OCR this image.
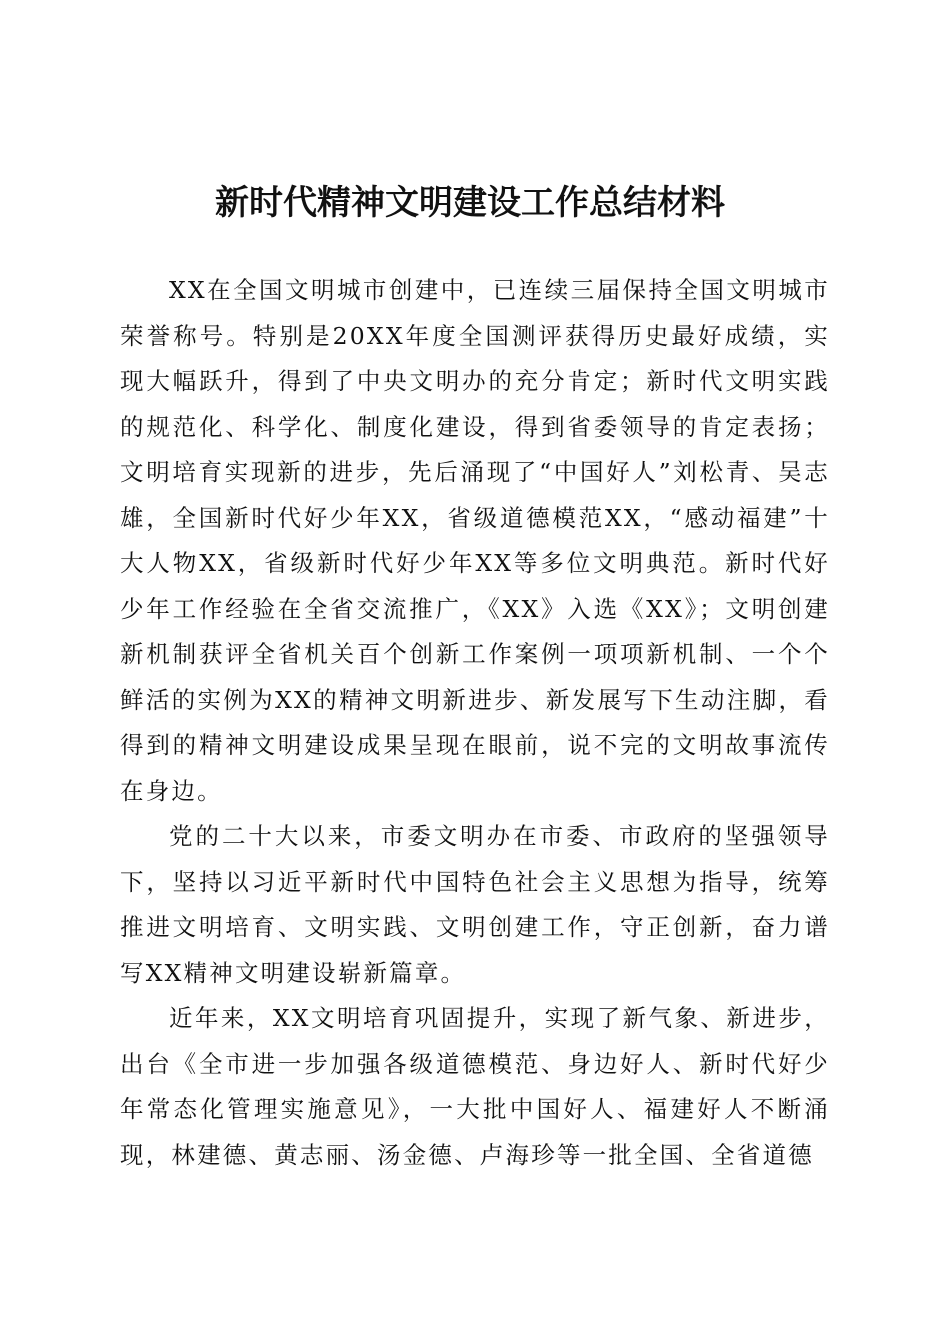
新时代精神文明建设工作总结材料

XX在全国文明城市创建中，已连续三届保持全国文明城市荣誉称号。特别是20XX年度全国测评获得历史最好成绩，实现大幅跃升，得到了中央文明办的充分肯定；新时代文明实践的规范化、科学化、制度化建设，得到省委领导的肯定表扬；文明培育实现新的进步，先后涌现了“中国好人”刘松青、吴志雄，全国新时代好少年XX，省级道德模范XX，“感动福建”十大人物XX，省级新时代好少年XX等多位文明典范。新时代好少年工作经验在全省交流推广，《XX》入选《XX》；文明创建新机制获评全省机关百个创新工作案例一项项新机制、一个个鲜活的实例为XX的精神文明新进步、新发展写下生动注脚，看得到的精神文明建设成果呈现在眼前，说不完的文明故事流传在身边。

党的二十大以来，市委文明办在市委、市政府的坚强领导下，坚持以习近平新时代中国特色社会主义思想为指导，统筹推进文明培育、文明实践、文明创建工作，守正创新，奋力谱写XX精神文明建设崭新篇章。

近年来，XX文明培育巩固提升，实现了新气象、新进步，出台《全市进一步加强各级道德模范、身边好人、新时代好少年常态化管理实施意见》，一大批中国好人、福建好人不断涌现，林建德、黄志丽、汤金德、卢海珍等一批全国、全省道德
